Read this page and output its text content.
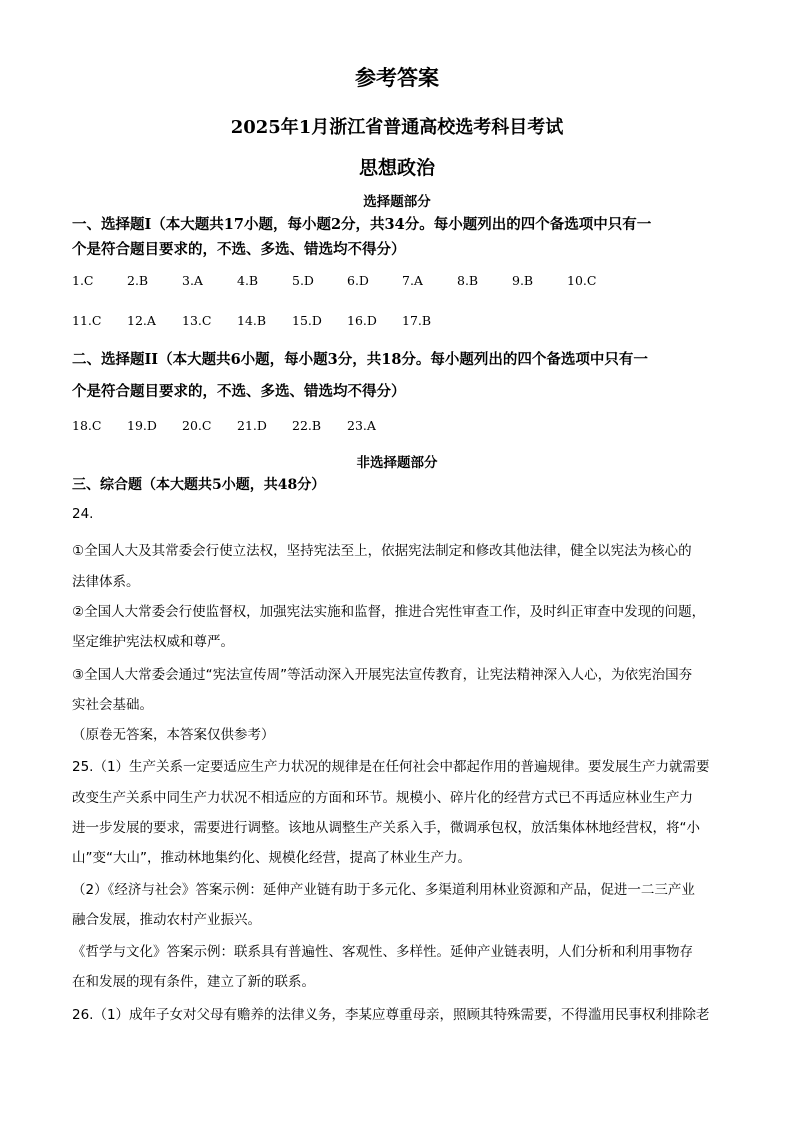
参考答案
2025年1月浙江省普通高校选考科目考试
思想政治
选择题部分
一、选择题I（本大题共17小题，每小题2分，共34分。每小题列出的四个备选项中只有一
个是符合题目要求的，不选、多选、错选均不得分）
1.C	2.B	3.A	4.B	5.D	6.D	7.A	8.B	9.B	10.C
11.C 12.A 13.C 14.B 15.D 16.D 17.B
二、选择题II（本大题共6小题，每小题3分，共18分。每小题列出的四个备选项中只有一
个是符合题目要求的，不选、多选、错选均不得分）
18.C 19.D 20.C 21.D 22.B 23.A
非选择题部分
三、综合题（本大题共5小题，共48分）
24.
①全国人大及其常委会行使立法权，坚持宪法至上，依据宪法制定和修改其他法律，健全以宪法为核心的
法律体系。
②全国人大常委会行使监督权，加强宪法实施和监督，推进合宪性审查工作，及时纠正审查中发现的问题，
坚定维护宪法权威和尊严。
③全国人大常委会通过“宪法宣传周”等活动深入开展宪法宣传教育，让宪法精神深入人心，为依宪治国夯
实社会基础。
（原卷无答案，本答案仅供参考）
25.（1）生产关系一定要适应生产力状况的规律是在任何社会中都起作用的普遍规律。要发展生产力就需要
改变生产关系中同生产力状况不相适应的方面和环节。规模小、碎片化的经营方式已不再适应林业生产力
进一步发展的要求，需要进行调整。该地从调整生产关系入手，微调承包权，放活集体林地经营权，将“小
山”变“大山”，推动林地集约化、规模化经营，提高了林业生产力。
（2）《经济与社会》答案示例：延伸产业链有助于多元化、多渠道利用林业资源和产品，促进一二三产业
融合发展，推动农村产业振兴。
《哲学与文化》答案示例：联系具有普遍性、客观性、多样性。延伸产业链表明，人们分析和利用事物存
在和发展的现有条件，建立了新的联系。
26.（1）成年子女对父母有赡养的法律义务，李某应尊重母亲，照顾其特殊需要，不得滥用民事权利排除老
